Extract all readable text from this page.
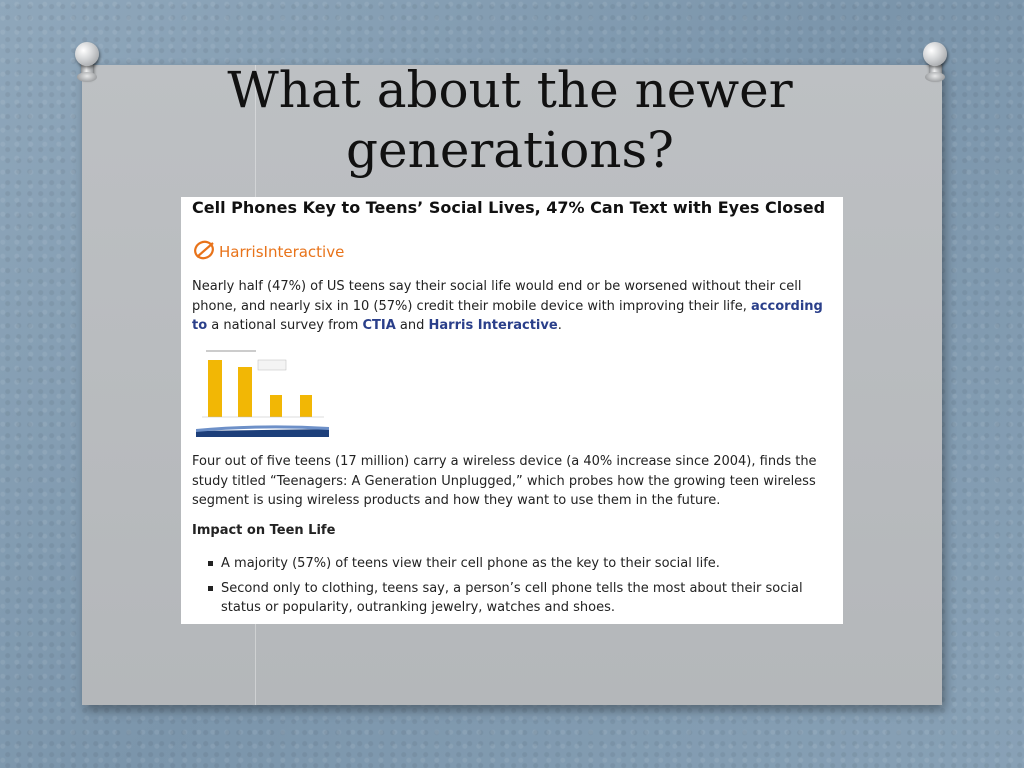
What about the newer generations?
Cell Phones Key to Teens’ Social Lives, 47% Can Text with Eyes Closed
HarrisInteractive
Nearly half (47%) of US teens say their social life would end or be worsened without their cell phone, and nearly six in 10 (57%) credit their mobile device with improving their life, according to a national survey from CTIA and Harris Interactive.
Four out of five teens (17 million) carry a wireless device (a 40% increase since 2004), finds the study titled “Teenagers: A Generation Unplugged,” which probes how the growing teen wireless segment is using wireless products and how they want to use them in the future.
Impact on Teen Life
A majority (57%) of teens view their cell phone as the key to their social life.
Second only to clothing, teens say, a person’s cell phone tells the most about their social status or popularity, outranking jewelry, watches and shoes.
